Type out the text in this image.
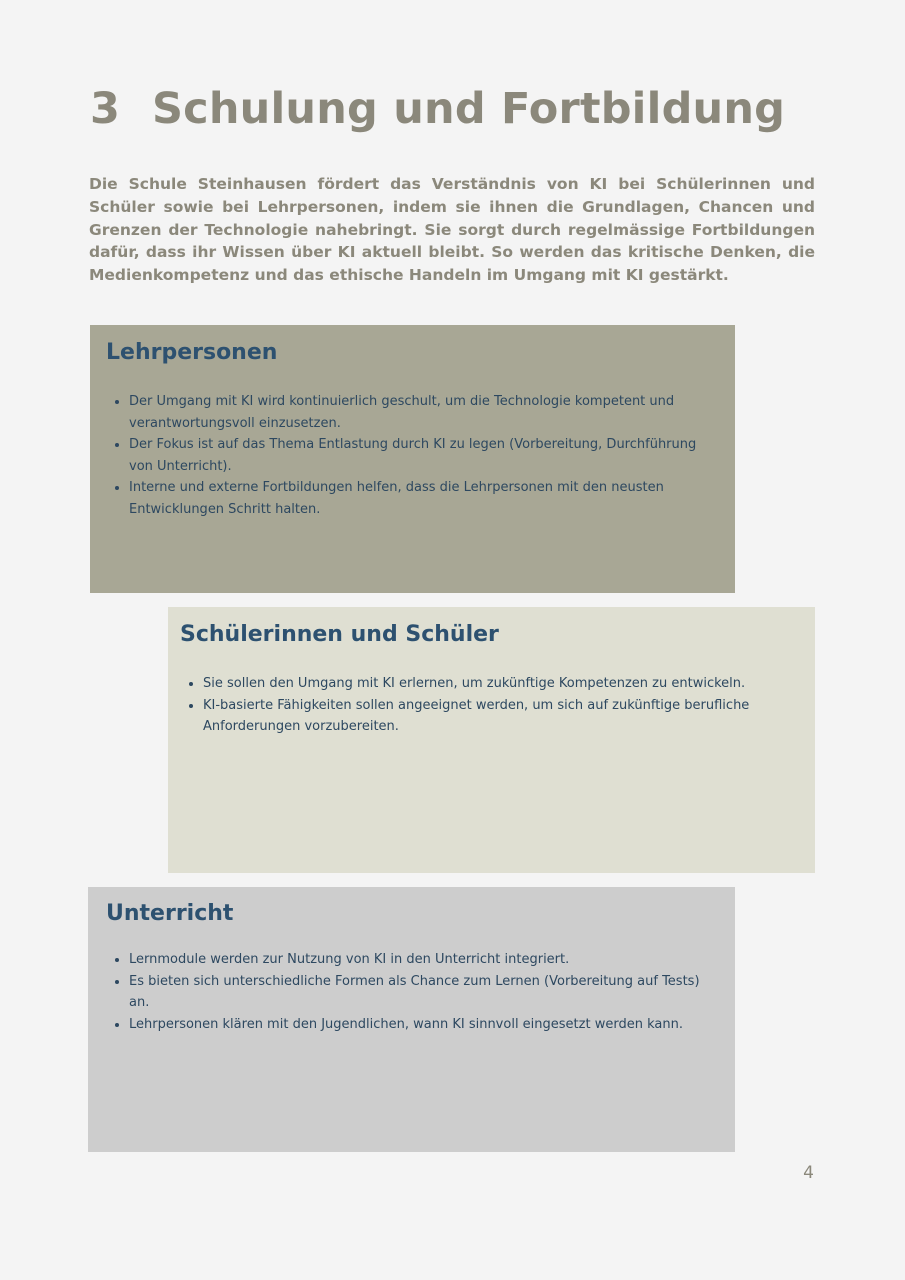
3 Schulung und Fortbildung

Die Schule Steinhausen fördert das Verständnis von KI bei Schülerinnen und Schüler sowie bei Lehrpersonen, indem sie ihnen die Grundlagen, Chancen und Grenzen der Technologie nahebringt. Sie sorgt durch regelmässige Fortbildungen dafür, dass ihr Wissen über KI aktuell bleibt. So werden das kritische Denken, die Medienkompetenz und das ethische Handeln im Umgang mit KI gestärkt.

Lehrpersonen
• Der Umgang mit KI wird kontinuierlich geschult, um die Technologie kompetent und verantwortungsvoll einzusetzen.
• Der Fokus ist auf das Thema Entlastung durch KI zu legen (Vorbereitung, Durchführung von Unterricht).
• Interne und externe Fortbildungen helfen, dass die Lehrpersonen mit den neusten Entwicklungen Schritt halten.
Schülerinnen und Schüler
• Sie sollen den Umgang mit KI erlernen, um zukünftige Kompetenzen zu entwickeln.
• KI-basierte Fähigkeiten sollen angeeignet werden, um sich auf zukünftige berufliche Anforderungen vorzubereiten.
Unterricht
• Lernmodule werden zur Nutzung von KI in den Unterricht integriert.
• Es bieten sich unterschiedliche Formen als Chance zum Lernen (Vorbereitung auf Tests) an.
• Lehrpersonen klären mit den Jugendlichen, wann KI sinnvoll eingesetzt werden kann.
4
